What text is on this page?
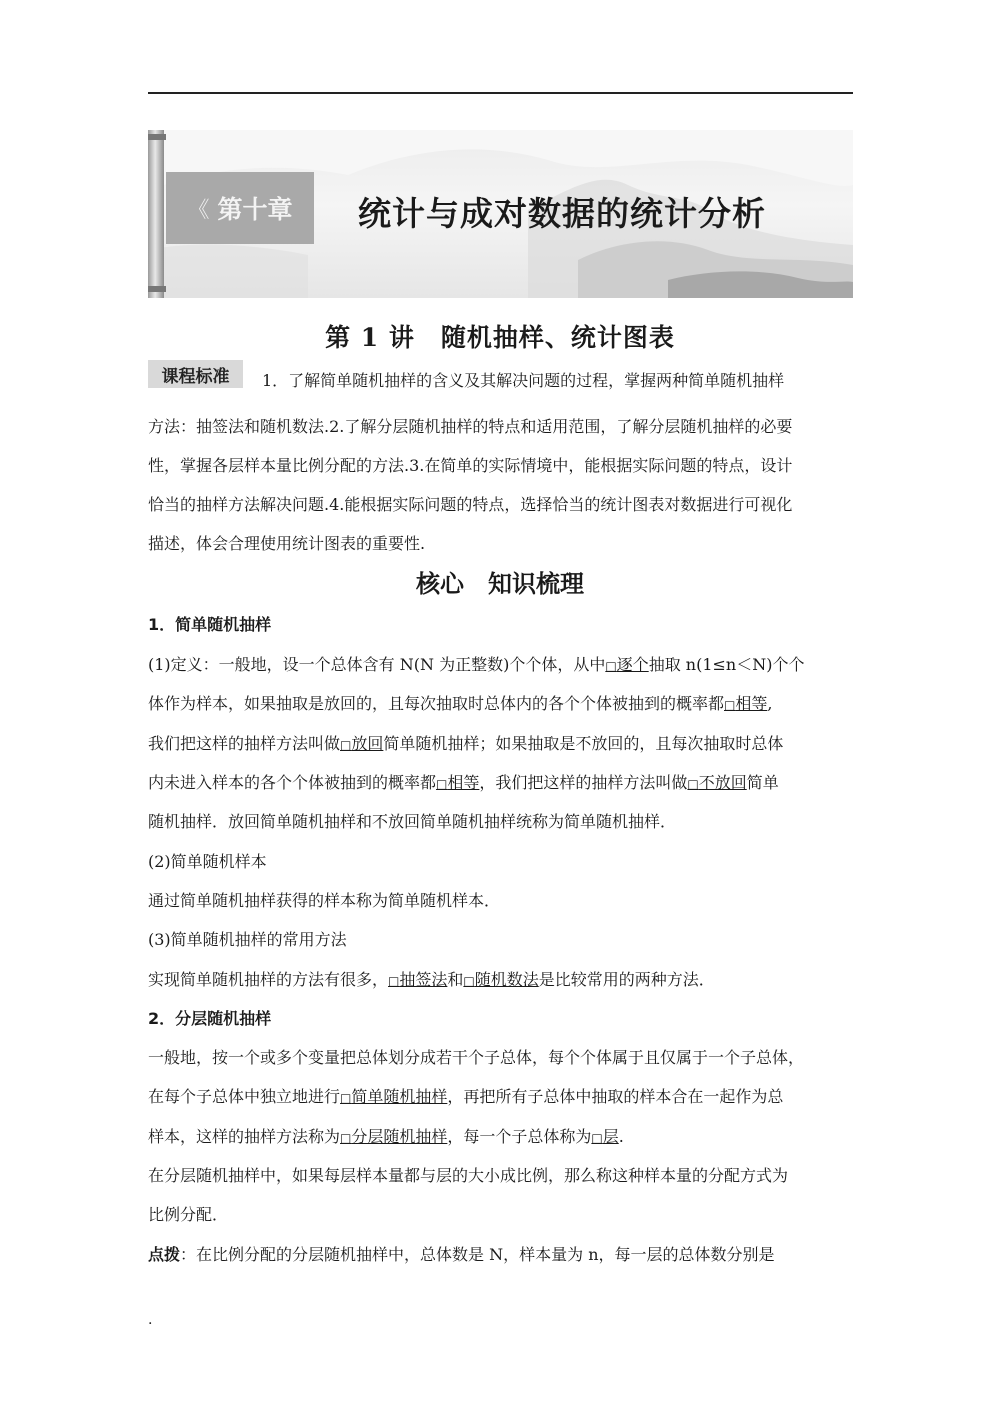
《 第十章 统计与成对数据的统计分析
第 1 讲　随机抽样、统计图表
课程标准	1．了解简单随机抽样的含义及其解决问题的过程，掌握两种简单随机抽样
方法：抽签法和随机数法.2.了解分层随机抽样的特点和适用范围，了解分层随机抽样的必要
性，掌握各层样本量比例分配的方法.3.在简单的实际情境中，能根据实际问题的特点，设计
恰当的抽样方法解决问题.4.能根据实际问题的特点，选择恰当的统计图表对数据进行可视化
描述，体会合理使用统计图表的重要性.
核心　知识梳理
1．简单随机抽样
(1)定义：一般地，设一个总体含有 N(N 为正整数)个个体，从中□逐个抽取 n(1≤n＜N)个个
体作为样本，如果抽取是放回的，且每次抽取时总体内的各个个体被抽到的概率都□相等,
我们把这样的抽样方法叫做□放回简单随机抽样；如果抽取是不放回的，且每次抽取时总体
内未进入样本的各个个体被抽到的概率都□相等，我们把这样的抽样方法叫做□不放回简单
随机抽样．放回简单随机抽样和不放回简单随机抽样统称为简单随机抽样．
(2)简单随机样本
通过简单随机抽样获得的样本称为简单随机样本．
(3)简单随机抽样的常用方法
实现简单随机抽样的方法有很多，□抽签法和□随机数法是比较常用的两种方法．
2．分层随机抽样
一般地，按一个或多个变量把总体划分成若干个子总体，每个个体属于且仅属于一个子总体，
在每个子总体中独立地进行□简单随机抽样，再把所有子总体中抽取的样本合在一起作为总
样本，这样的抽样方法称为□分层随机抽样，每一个子总体称为□层.
在分层随机抽样中，如果每层样本量都与层的大小成比例，那么称这种样本量的分配方式为
比例分配．
点拨：在比例分配的分层随机抽样中，总体数是 N，样本量为 n，每一层的总体数分别是
.
